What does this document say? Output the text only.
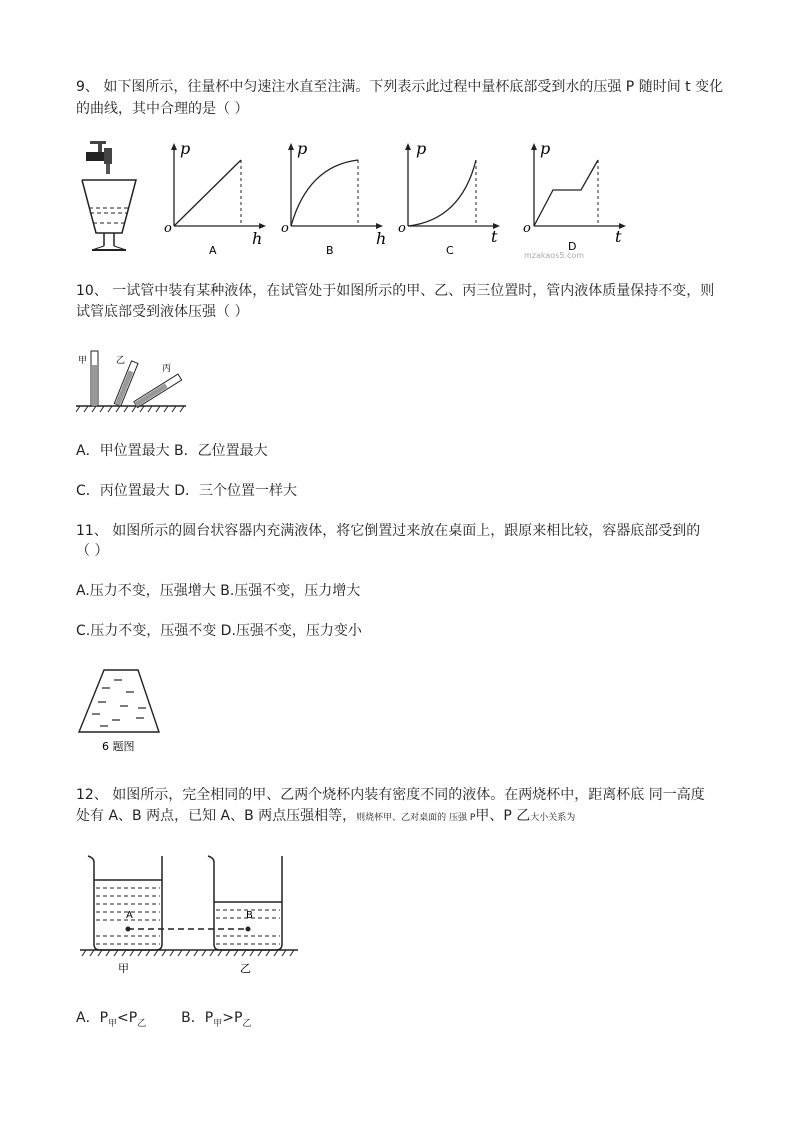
9、 如下图所示，往量杯中匀速注水直至注满。下列表示此过程中量杯底部受到水的压强 P 随时间 t 变化
的曲线，其中合理的是（ ）
p
o
h
A
p
o
h
B
p
o	t
C
p
o	t
D
mzakaos5.com
10、 一试管中装有某种液体，在试管处于如图所示的甲、乙、丙三位置时，管内液体质量保持不变，则
试管底部受到液体压强（ ）
甲	乙
丙
A．甲位置最大 B．乙位置最大
C．丙位置最大 D．三个位置一样大
11、 如图所示的圆台状容器内充满液体，将它倒置过来放在桌面上，跟原来相比较，容器底部受到的
（ ）
A.压力不变，压强增大 B.压强不变，压力增大
C.压力不变，压强不变 D.压强不变，压力变小
6 题图
12、 如图所示，完全相同的甲、乙两个烧杯内装有密度不同的液体。在两烧杯中，距离杯底 同一高度
处有 A、B 两点，已知 A、B 两点压强相等，则烧杯甲、乙对桌面的 压强 P甲、P 乙大小关系为
A	B
甲	乙
A．$P_甲<P_乙$ B．$P_甲>P_乙$
